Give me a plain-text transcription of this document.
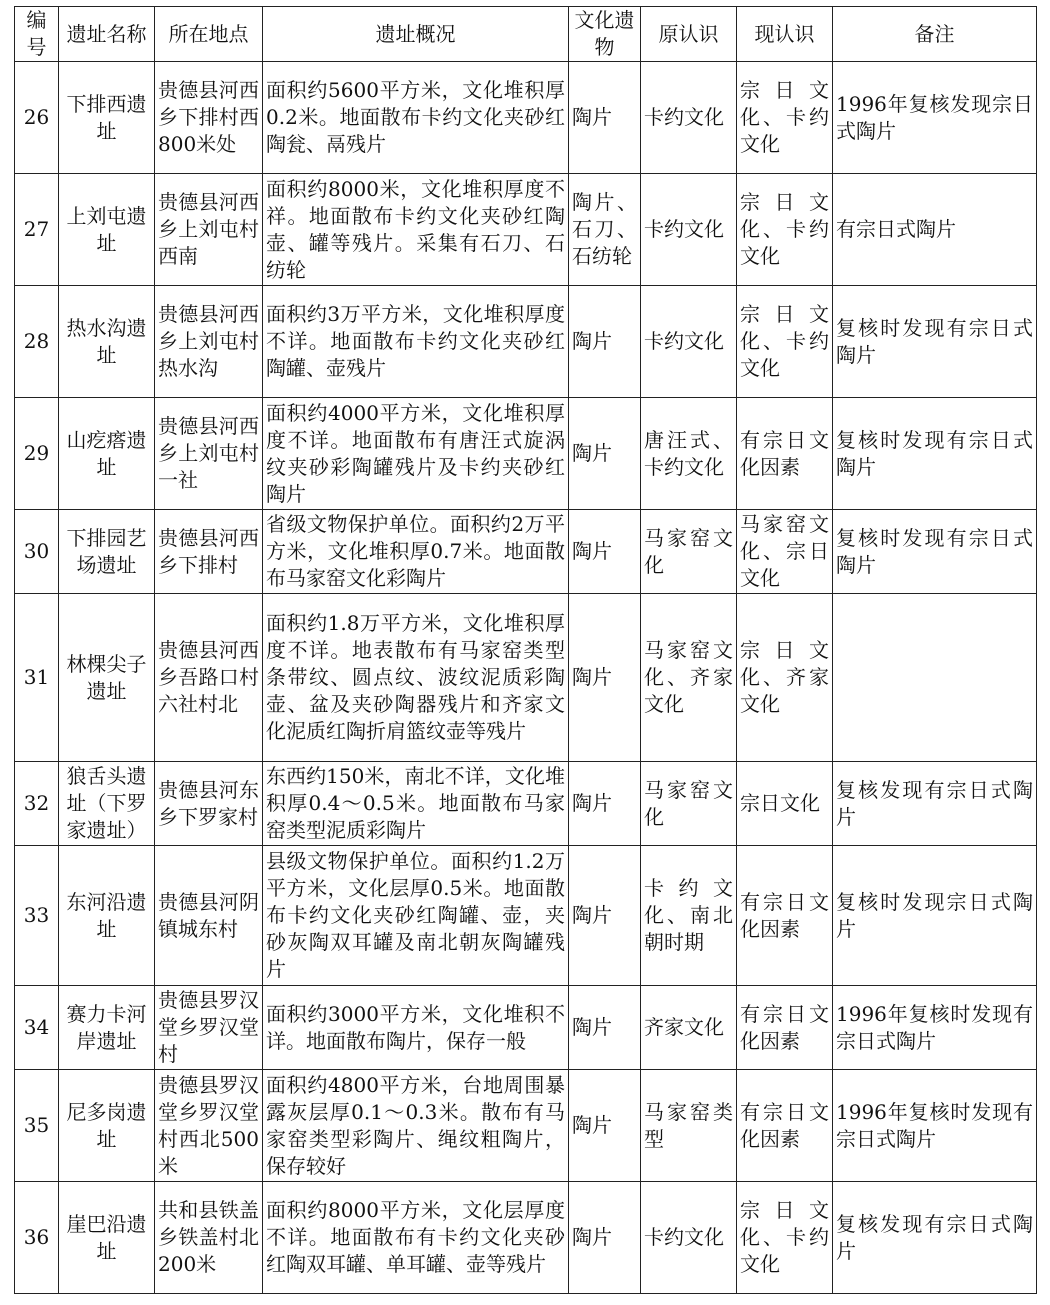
编号	遗址名称	所在地点	遗址概况	文化遗物	原认识	现认识	备注
26	下排西遗址	贵德县河西乡下排村西800米处	面积约5600平方米，文化堆积厚0.2米。地面散布卡约文化夹砂红陶瓮、鬲残片	陶片	卡约文化	宗日文化、卡约文化	1996年复核发现宗日式陶片
27	上刘屯遗址	贵德县河西乡上刘屯村西南	面积约8000米，文化堆积厚度不祥。地面散布卡约文化夹砂红陶壶、罐等残片。采集有石刀、石纺轮	陶片、石刀、石纺轮	卡约文化	宗日文化、卡约文化	有宗日式陶片
28	热水沟遗址	贵德县河西乡上刘屯村热水沟	面积约3万平方米，文化堆积厚度不详。地面散布卡约文化夹砂红陶罐、壶残片	陶片	卡约文化	宗日文化、卡约文化	复核时发现有宗日式陶片
29	山疙瘩遗址	贵德县河西乡上刘屯村一社	面积约4000平方米，文化堆积厚度不详。地面散布有唐汪式旋涡纹夹砂彩陶罐残片及卡约夹砂红陶片	陶片	唐汪式、卡约文化	有宗日文化因素	复核时发现有宗日式陶片
30	下排园艺场遗址	贵德县河西乡下排村	省级文物保护单位。面积约2万平方米，文化堆积厚0.7米。地面散布马家窑文化彩陶片	陶片	马家窑文化	马家窑文化、宗日文化	复核时发现有宗日式陶片
31	林棵尖子遗址	贵德县河西乡吾路口村六社村北	面积约1.8万平方米，文化堆积厚度不详。地表散布有马家窑类型条带纹、圆点纹、波纹泥质彩陶壶、盆及夹砂陶器残片和齐家文化泥质红陶折肩篮纹壶等残片	陶片	马家窑文化、齐家文化	宗日文化、齐家文化	
32	狼舌头遗址（下罗家遗址）	贵德县河东乡下罗家村	东西约150米，南北不详，文化堆积厚0.4～0.5米。地面散布马家窑类型泥质彩陶片	陶片	马家窑文化	宗日文化	复核发现有宗日式陶片
33	东河沿遗址	贵德县河阴镇城东村	县级文物保护单位。面积约1.2万平方米，文化层厚0.5米。地面散布卡约文化夹砂红陶罐、壶，夹砂灰陶双耳罐及南北朝灰陶罐残片	陶片	卡约文化、南北朝时期	有宗日文化因素	复核时发现宗日式陶片
34	赛力卡河岸遗址	贵德县罗汉堂乡罗汉堂村	面积约3000平方米，文化堆积不详。地面散布陶片，保存一般	陶片	齐家文化	有宗日文化因素	1996年复核时发现有宗日式陶片
35	尼多岗遗址	贵德县罗汉堂乡罗汉堂村西北500米	面积约4800平方米，台地周围暴露灰层厚0.1～0.3米。散布有马家窑类型彩陶片、绳纹粗陶片，保存较好	陶片	马家窑类型	有宗日文化因素	1996年复核时发现有宗日式陶片
36	崖巴沿遗址	共和县铁盖乡铁盖村北200米	面积约8000平方米，文化层厚度不详。地面散布有卡约文化夹砂红陶双耳罐、单耳罐、壶等残片	陶片	卡约文化	宗日文化、卡约文化	复核发现有宗日式陶片
